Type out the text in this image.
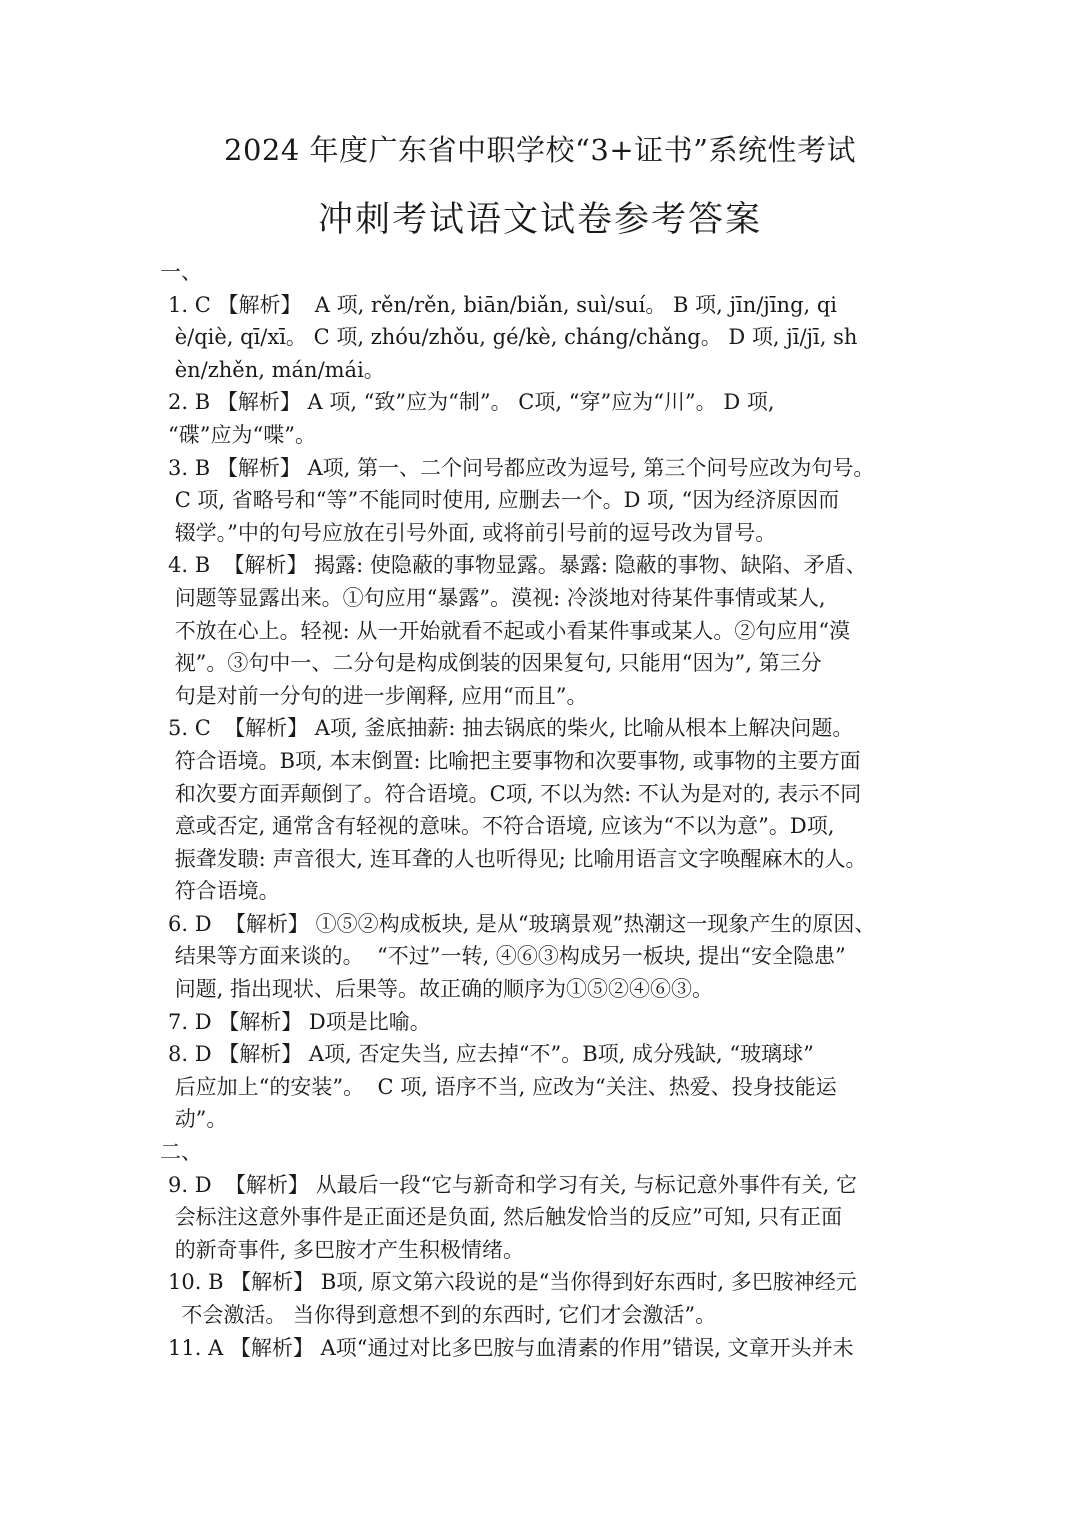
2024 年度广东省中职学校“3+证书”系统性考试
冲刺考试语文试卷参考答案
一、
1. C 【解析】  A 项, rěn/rěn, biān/biǎn, suì/suí。 B 项, jīn/jīng, qi
è/qiè, qī/xī。 C 项, zhóu/zhǒu, gé/kè, cháng/chǎng。 D 项, jī/jī, sh
èn/zhěn, mán/mái。
2. B 【解析】 A 项, “致”应为“制”。 C项, “穿”应为“川”。 D 项,
“碟”应为“喋”。
3. B 【解析】 A项, 第一、二个问号都应改为逗号, 第三个问号应改为句号。
C 项, 省略号和“等”不能同时使用, 应删去一个。D 项, “因为经济原因而
辍学。”中的句号应放在引号外面, 或将前引号前的逗号改为冒号。
4. B  【解析】 揭露: 使隐蔽的事物显露。暴露: 隐蔽的事物、缺陷、矛盾、
问题等显露出来。①句应用“暴露”。漠视: 冷淡地对待某件事情或某人,
不放在心上。轻视: 从一开始就看不起或小看某件事或某人。②句应用“漠
视”。③句中一、二分句是构成倒装的因果复句, 只能用“因为”, 第三分
句是对前一分句的进一步阐释, 应用“而且”。
5. C  【解析】 A项, 釜底抽薪: 抽去锅底的柴火, 比喻从根本上解决问题。
符合语境。B项, 本末倒置: 比喻把主要事物和次要事物, 或事物的主要方面
和次要方面弄颠倒了。符合语境。C项, 不以为然: 不认为是对的, 表示不同
意或否定, 通常含有轻视的意味。不符合语境, 应该为“不以为意”。D项,
振聋发聩: 声音很大, 连耳聋的人也听得见; 比喻用语言文字唤醒麻木的人。
符合语境。
6. D  【解析】 ①⑤②构成板块, 是从“玻璃景观”热潮这一现象产生的原因、
结果等方面来谈的。  “不过”一转, ④⑥③构成另一板块, 提出“安全隐患”
问题, 指出现状、后果等。故正确的顺序为①⑤②④⑥③。
7. D 【解析】 D项是比喻。
8. D 【解析】 A项, 否定失当, 应去掉“不”。B项, 成分残缺, “玻璃球”
后应加上“的安装”。  C 项, 语序不当, 应改为“关注、热爱、投身技能运
动”。
二、
9. D  【解析】 从最后一段“它与新奇和学习有关, 与标记意外事件有关, 它
会标注这意外事件是正面还是负面, 然后触发恰当的反应”可知, 只有正面
的新奇事件, 多巴胺才产生积极情绪。
10. B 【解析】 B项, 原文第六段说的是“当你得到好东西时, 多巴胺神经元
不会激活。 当你得到意想不到的东西时, 它们才会激活”。
11. A 【解析】 A项“通过对比多巴胺与血清素的作用”错误, 文章开头并未
